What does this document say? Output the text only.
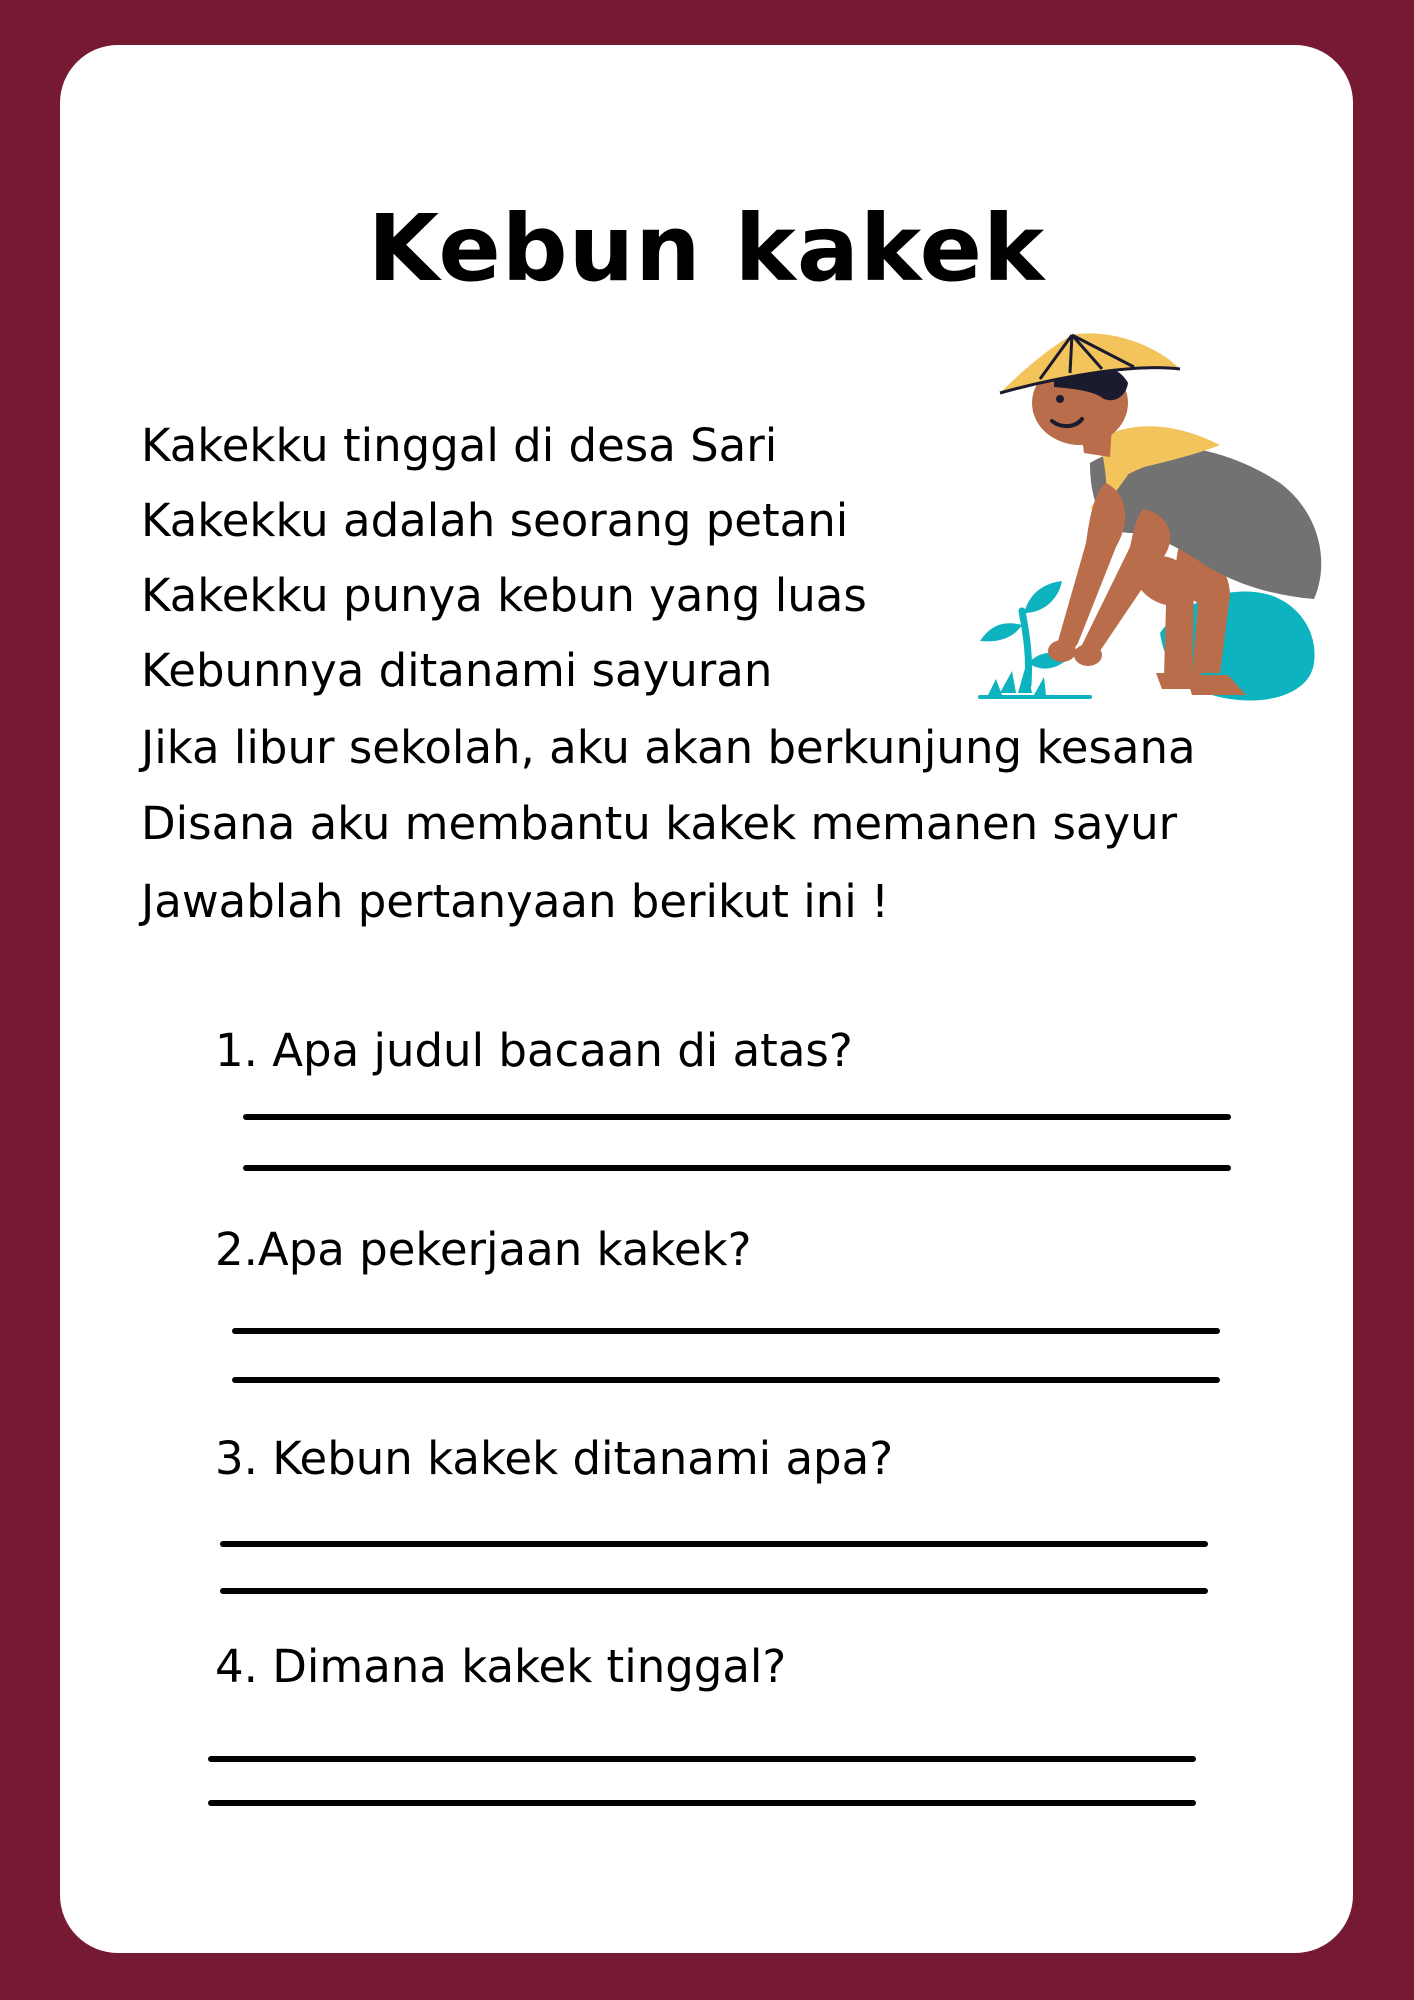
Kebun kakek
Kakekku tinggal di desa Sari
Kakekku adalah seorang petani
Kakekku punya kebun yang luas
Kebunnya ditanami sayuran
Jika libur sekolah, aku akan berkunjung kesana
Disana aku membantu kakek memanen sayur
Jawablah pertanyaan berikut ini !
1. Apa judul bacaan di atas?
2.Apa pekerjaan kakek?
3. Kebun kakek ditanami apa?
4. Dimana kakek tinggal?
